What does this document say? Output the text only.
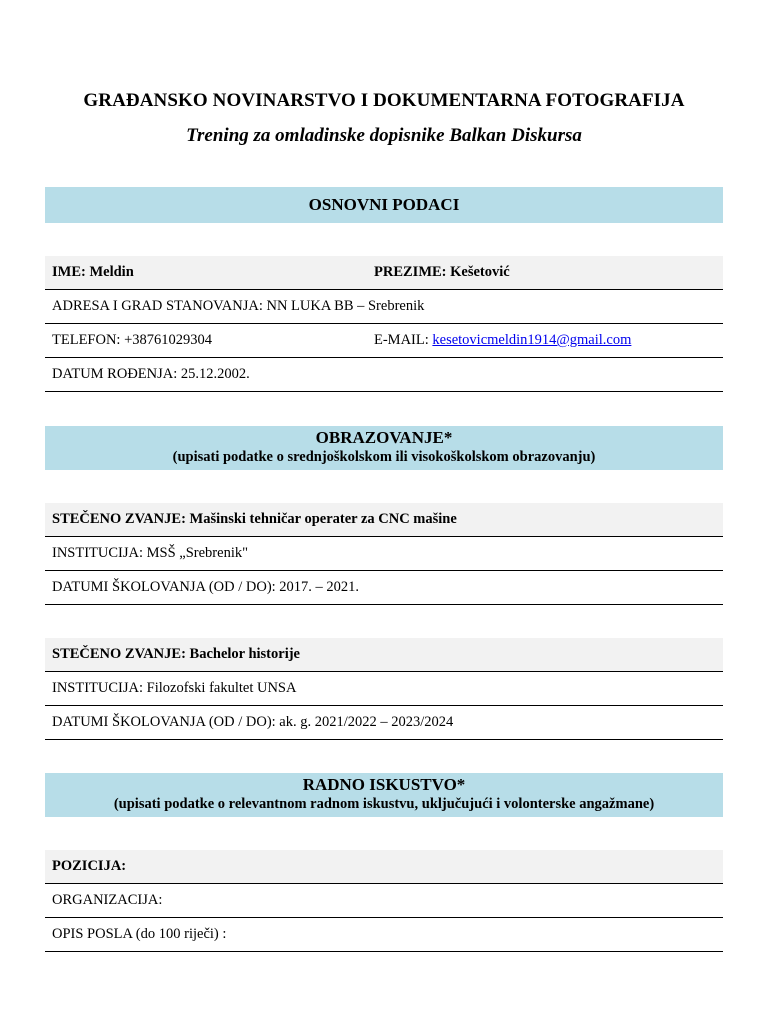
GRAĐANSKO NOVINARSTVO I DOKUMENTARNA FOTOGRAFIJA
Trening za omladinske dopisnike Balkan Diskursa
OSNOVNI PODACI
IME: Meldin	PREZIME: Kešetović
ADRESA I GRAD STANOVANJA: NN LUKA BB – Srebrenik
TELEFON: +38761029304	E-MAIL: kesetovicmeldin1914@gmail.com
DATUM ROĐENJA: 25.12.2002.
OBRAZOVANJE*
(upisati podatke o srednjoškolskom ili visokoškolskom obrazovanju)
STEČENO ZVANJE: Mašinski tehničar operater za CNC mašine
INSTITUCIJA: MSŠ „Srebrenik"
DATUMI ŠKOLOVANJA (OD / DO): 2017. – 2021.
STEČENO ZVANJE: Bachelor historije
INSTITUCIJA: Filozofski fakultet UNSA
DATUMI ŠKOLOVANJA (OD / DO): ak. g. 2021/2022 – 2023/2024
RADNO ISKUSTVO*
(upisati podatke o relevantnom radnom iskustvu, uključujući i volonterske angažmane)
POZICIJA:
ORGANIZACIJA:
OPIS POSLA (do 100 riječi) :
